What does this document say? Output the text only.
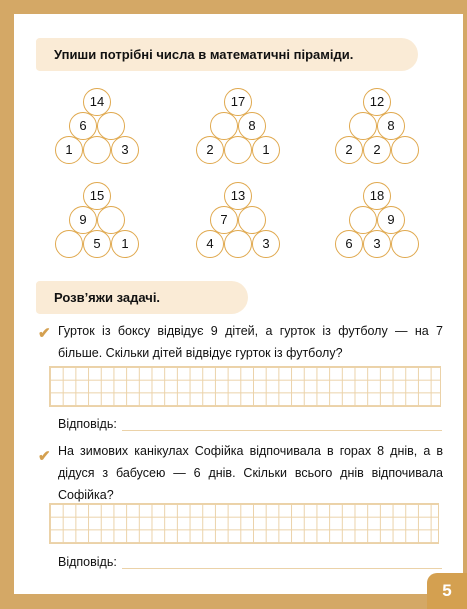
Упиши потрібні числа в математичні піраміди.
14
6
1	3
17
8
2	1
12
8
2	2
15
9
5	1
13
7
4	3
18
9
6	3
Розв’яжи задачі.
✔ Гурток із боксу відвідує 9 дітей, а гурток із футболу — на 7 більше. Скільки дітей відвідує гурток із футболу?
Відповідь:
✔ На зимових канікулах Софійка відпочивала в горах 8 днів, а в дідуся з бабусею — 6 днів. Скільки всього днів відпочивала Софійка?
Відповідь:
5
